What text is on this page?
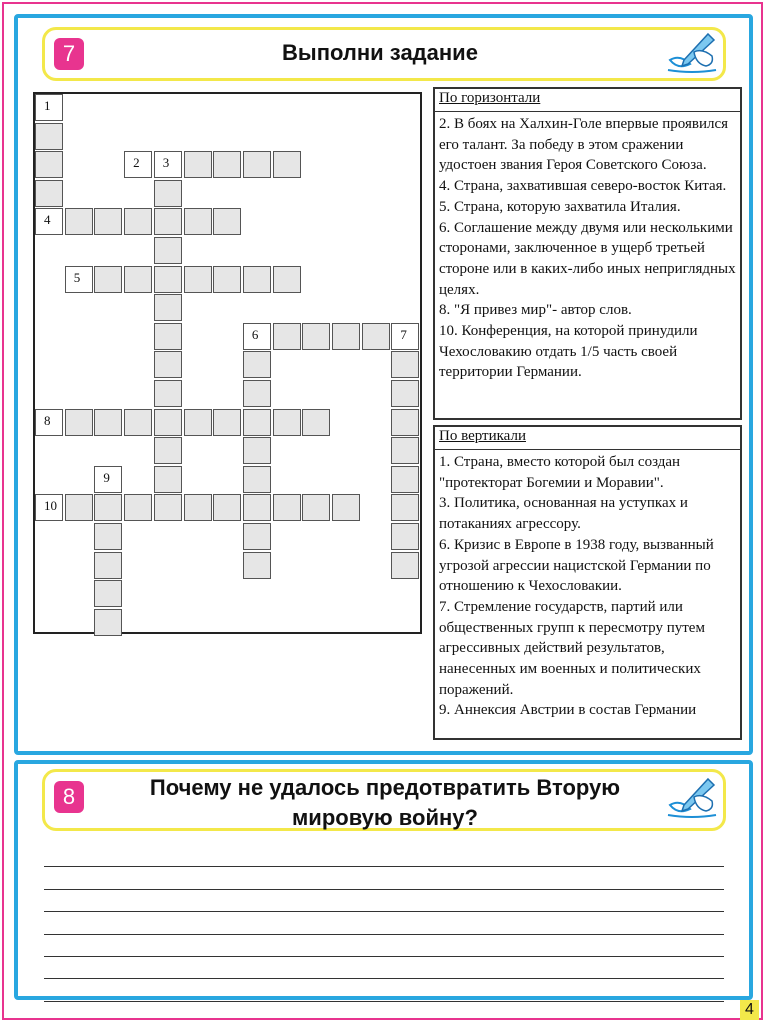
7	Выполни задание
1
4
2	3
5
6	7
8
9
10
По горизонтали
2. В боях на Халхин-Голе впервые проявился его талант. За победу в этом сражении удостоен звания Героя Советского Союза.
4. Страна, захватившая северо-восток Китая.
5. Страна, которую захватила Италия.
6. Соглашение между двумя или несколькими сторонами, заключенное в ущерб третьей стороне или в каких-либо иных неприглядных целях.
8. "Я привез мир"- автор слов.
10. Конференция, на которой принудили Чехословакию отдать 1/5 часть своей территории Германии.
По вертикали
1. Страна, вместо которой был создан "протекторат Богемии и Моравии".
3. Политика, основанная на уступках и потаканиях агрессору.
6. Кризис в Европе в 1938 году, вызванный угрозой агрессии нацистской Германии по отношению к Чехословакии.
7. Стремление государств, партий или общественных групп к пересмотру путем агрессивных действий результатов, нанесенных им военных и политических поражений.
9. Аннексия Австрии в состав Германии
8	Почему не удалось предотвратить Вторую
мировую войну?
4
